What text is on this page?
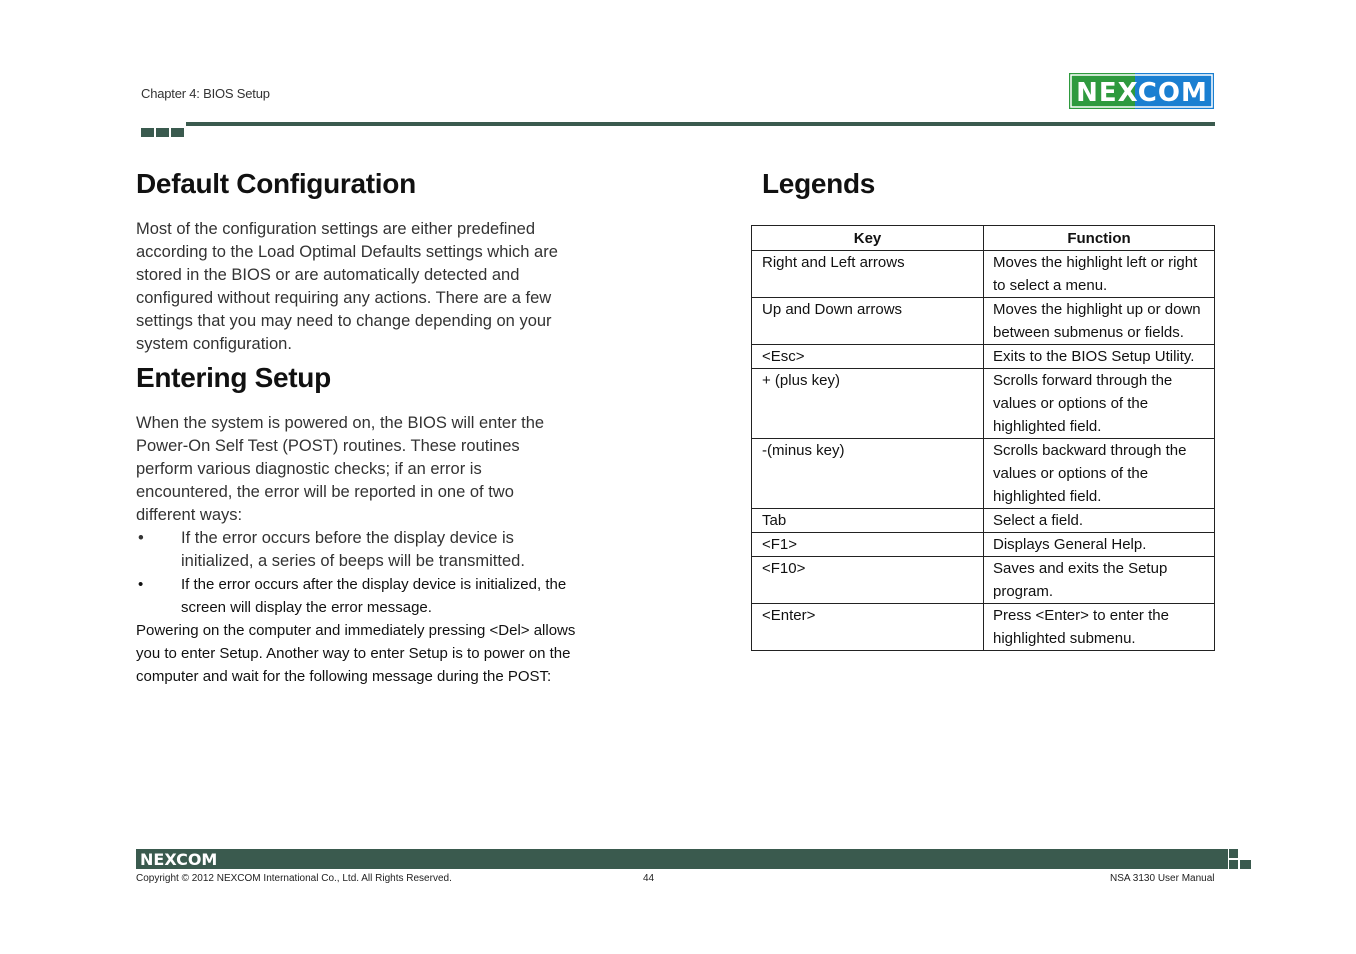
Chapter 4: BIOS Setup	NEXCOM
Default Configuration

Most of the configuration settings are either predefined according to the Load Optimal Defaults settings which are stored in the BIOS or are automatically detected and configured without requiring any actions. There are a few settings that you may need to change depending on your system configuration.

Entering Setup

When the system is powered on, the BIOS will enter the Power-On Self Test (POST) routines. These routines perform various diagnostic checks; if an error is encountered, the error will be reported in one of two different ways:

• If the error occurs before the display device is initialized, a series of beeps will be transmitted.
•	If the error occurs after the display device is initialized, the screen will display the error message.

Powering on the computer and immediately pressing <Del> allows you to enter Setup. Another way to enter Setup is to power on the computer and wait for the following message during the POST:

Legends
Key	Function
Right and Left arrows	Moves the highlight left or right to select a menu.
Up and Down arrows	Moves the highlight up or down between submenus or fields.
<Esc>	Exits to the BIOS Setup Utility.
+ (plus key)	Scrolls forward through the values or options of the highlighted field.
-(minus key)	Scrolls backward through the values or options of the highlighted field.
Tab	Select a field.
<F1>	Displays General Help.
<F10>	Saves and exits the Setup program.
<Enter>	Press <Enter> to enter the highlighted submenu.
NEXCOM
Copyright © 2012 NEXCOM International Co., Ltd. All Rights Reserved.	44	NSA 3130 User Manual
